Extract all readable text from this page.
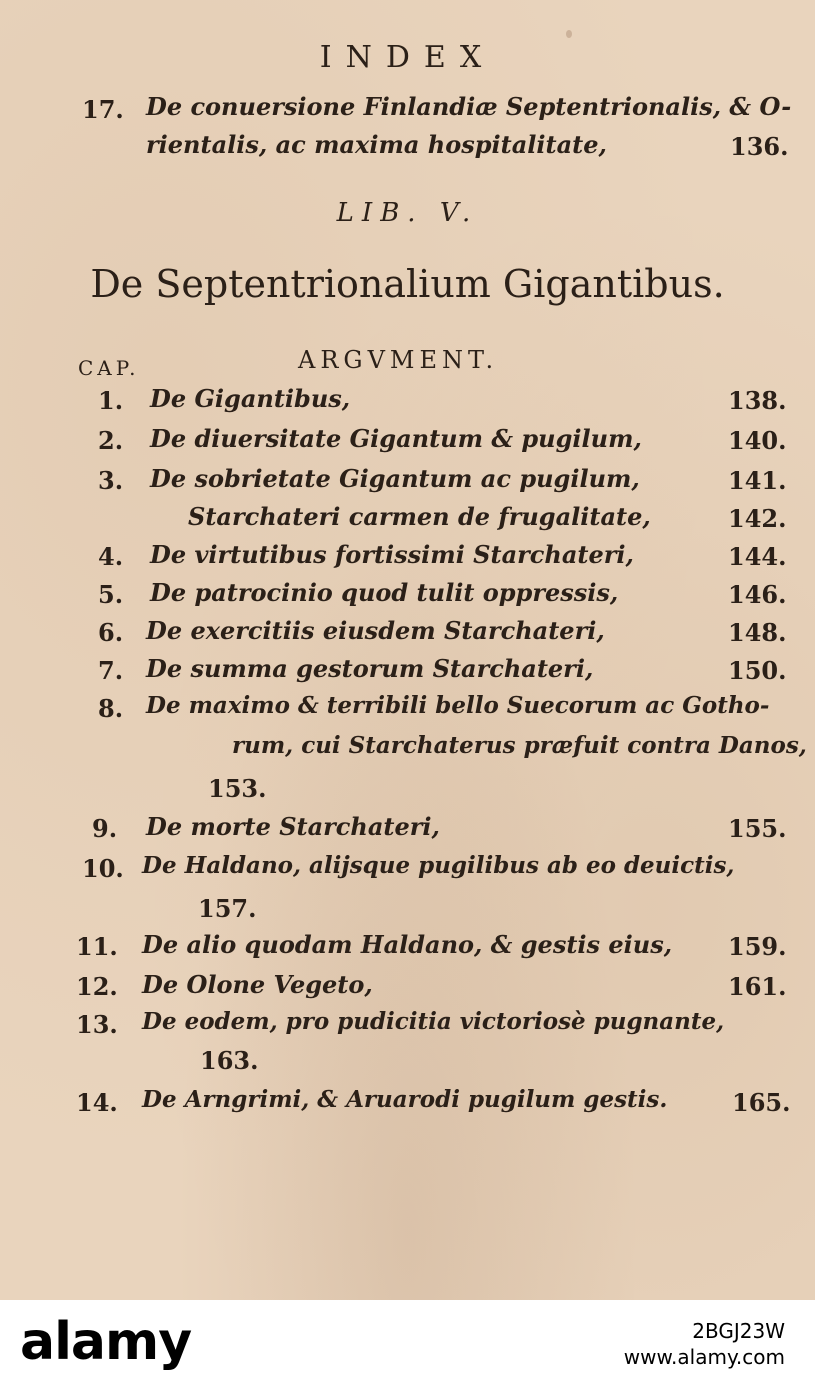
INDEX
17. De conuersione Finlandiæ Septentrionalis, & O-
rientalis, ac maxima hospitalitate,	136.
LIB. V.
De Septentrionalium Gigantibus.
CAP.	ARGVMENT.
1. De Gigantibus,	138.
2. De diuersitate Gigantum & pugilum,	140.
3. De sobrietate Gigantum ac pugilum,	141.
Starchateri carmen de frugalitate,	142.
4. De virtutibus fortissimi Starchateri,	144.
5. De patrocinio quod tulit oppressis,	146.
6. De exercitiis eiusdem Starchateri,	148.
7. De summa gestorum Starchateri,	150.
8. De maximo & terribili bello Suecorum ac Gotho-
rum, cui Starchaterus præfuit contra Danos,
153.
9. De morte Starchateri,	155.
10. De Haldano, alijsque pugilibus ab eo deuictis,
157.
11. De alio quodam Haldano, & gestis eius, 159.
12. De Olone Vegeto,	161.
13. De eodem, pro pudicitia victoriosè pugnante,
163.
14. De Arngrimi, & Aruarodi pugilum gestis.	165.
alamy	2BGJ23W
www.alamy.com
